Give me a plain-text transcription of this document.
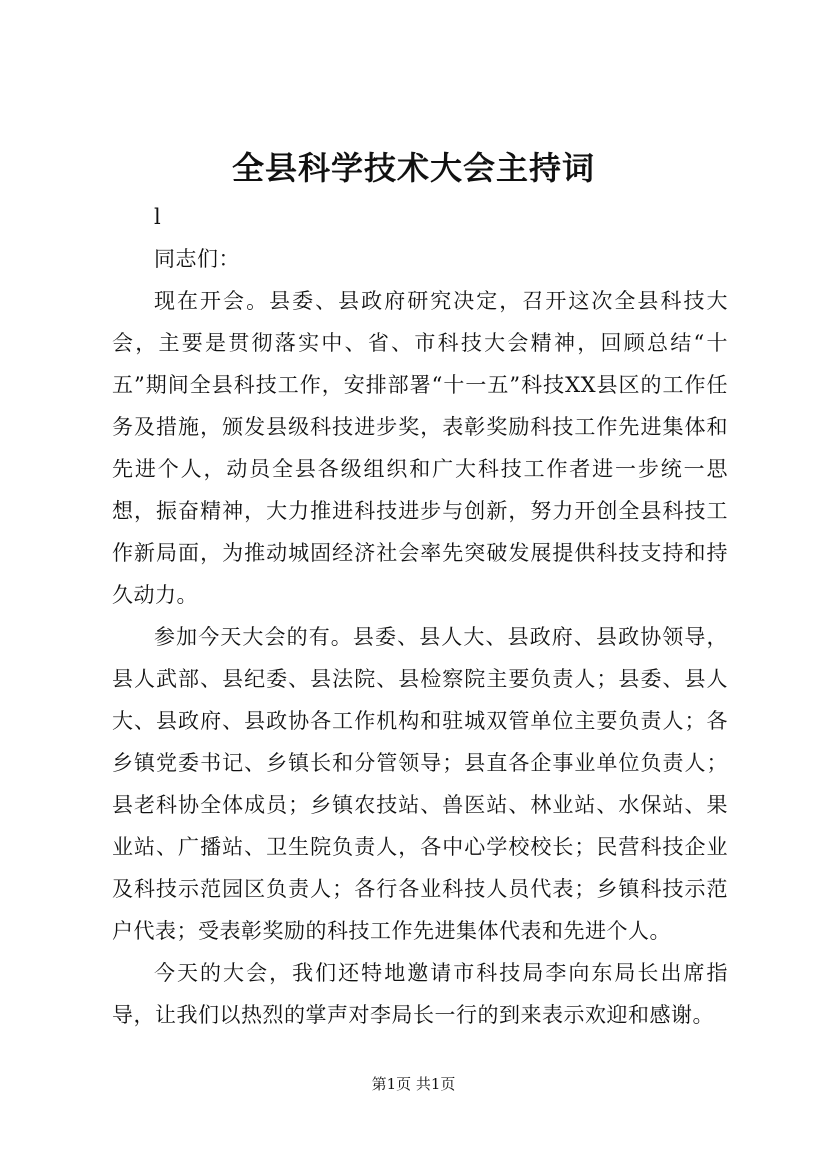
全县科学技术大会主持词

l

同志们：

现在开会。县委、县政府研究决定，召开这次全县科技大会，主要是贯彻落实中、省、市科技大会精神，回顾总结“十五”期间全县科技工作，安排部署“十一五”科技XX县区的工作任务及措施，颁发县级科技进步奖，表彰奖励科技工作先进集体和先进个人，动员全县各级组织和广大科技工作者进一步统一思想，振奋精神，大力推进科技进步与创新，努力开创全县科技工作新局面，为推动城固经济社会率先突破发展提供科技支持和持久动力。

参加今天大会的有。县委、县人大、县政府、县政协领导，县人武部、县纪委、县法院、县检察院主要负责人；县委、县人大、县政府、县政协各工作机构和驻城双管单位主要负责人；各乡镇党委书记、乡镇长和分管领导；县直各企事业单位负责人；县老科协全体成员；乡镇农技站、兽医站、林业站、水保站、果业站、广播站、卫生院负责人，各中心学校校长；民营科技企业及科技示范园区负责人；各行各业科技人员代表；乡镇科技示范户代表；受表彰奖励的科技工作先进集体代表和先进个人。

今天的大会，我们还特地邀请市科技局李向东局长出席指导，让我们以热烈的掌声对李局长一行的到来表示欢迎和感谢。

第1页 共1页
